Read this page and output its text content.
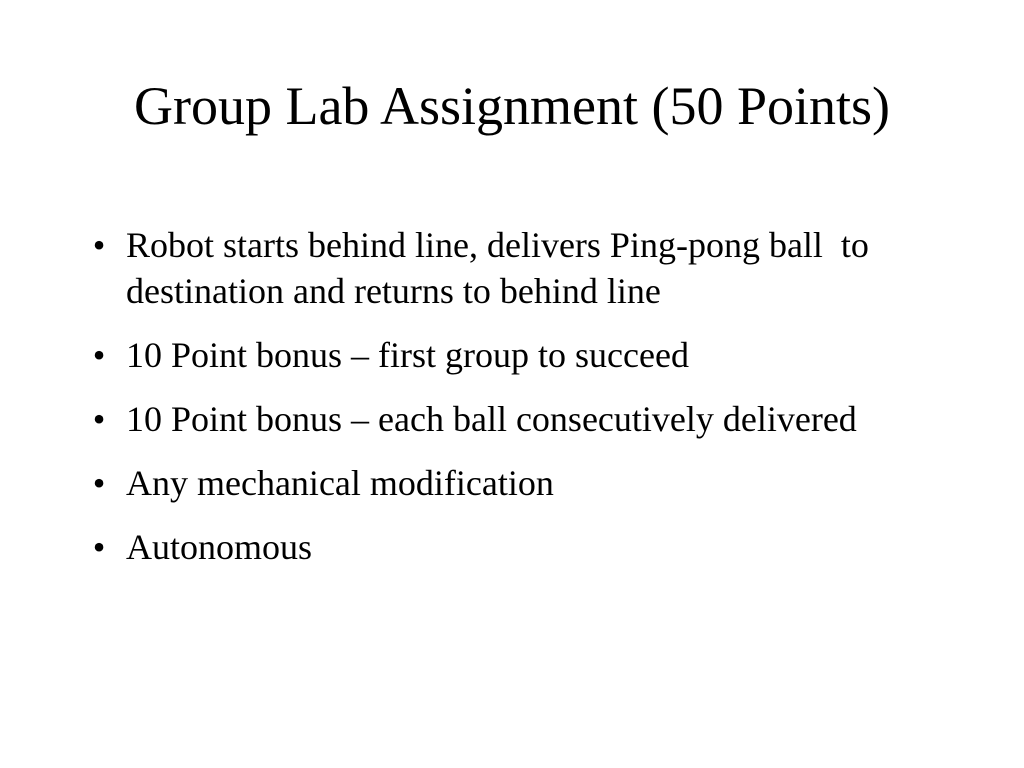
Group Lab Assignment (50 Points)
• Robot starts behind line, delivers Ping-pong ball  to destination and returns to behind line
• 10 Point bonus – first group to succeed
• 10 Point bonus – each ball consecutively delivered
• Any mechanical modification
• Autonomous
